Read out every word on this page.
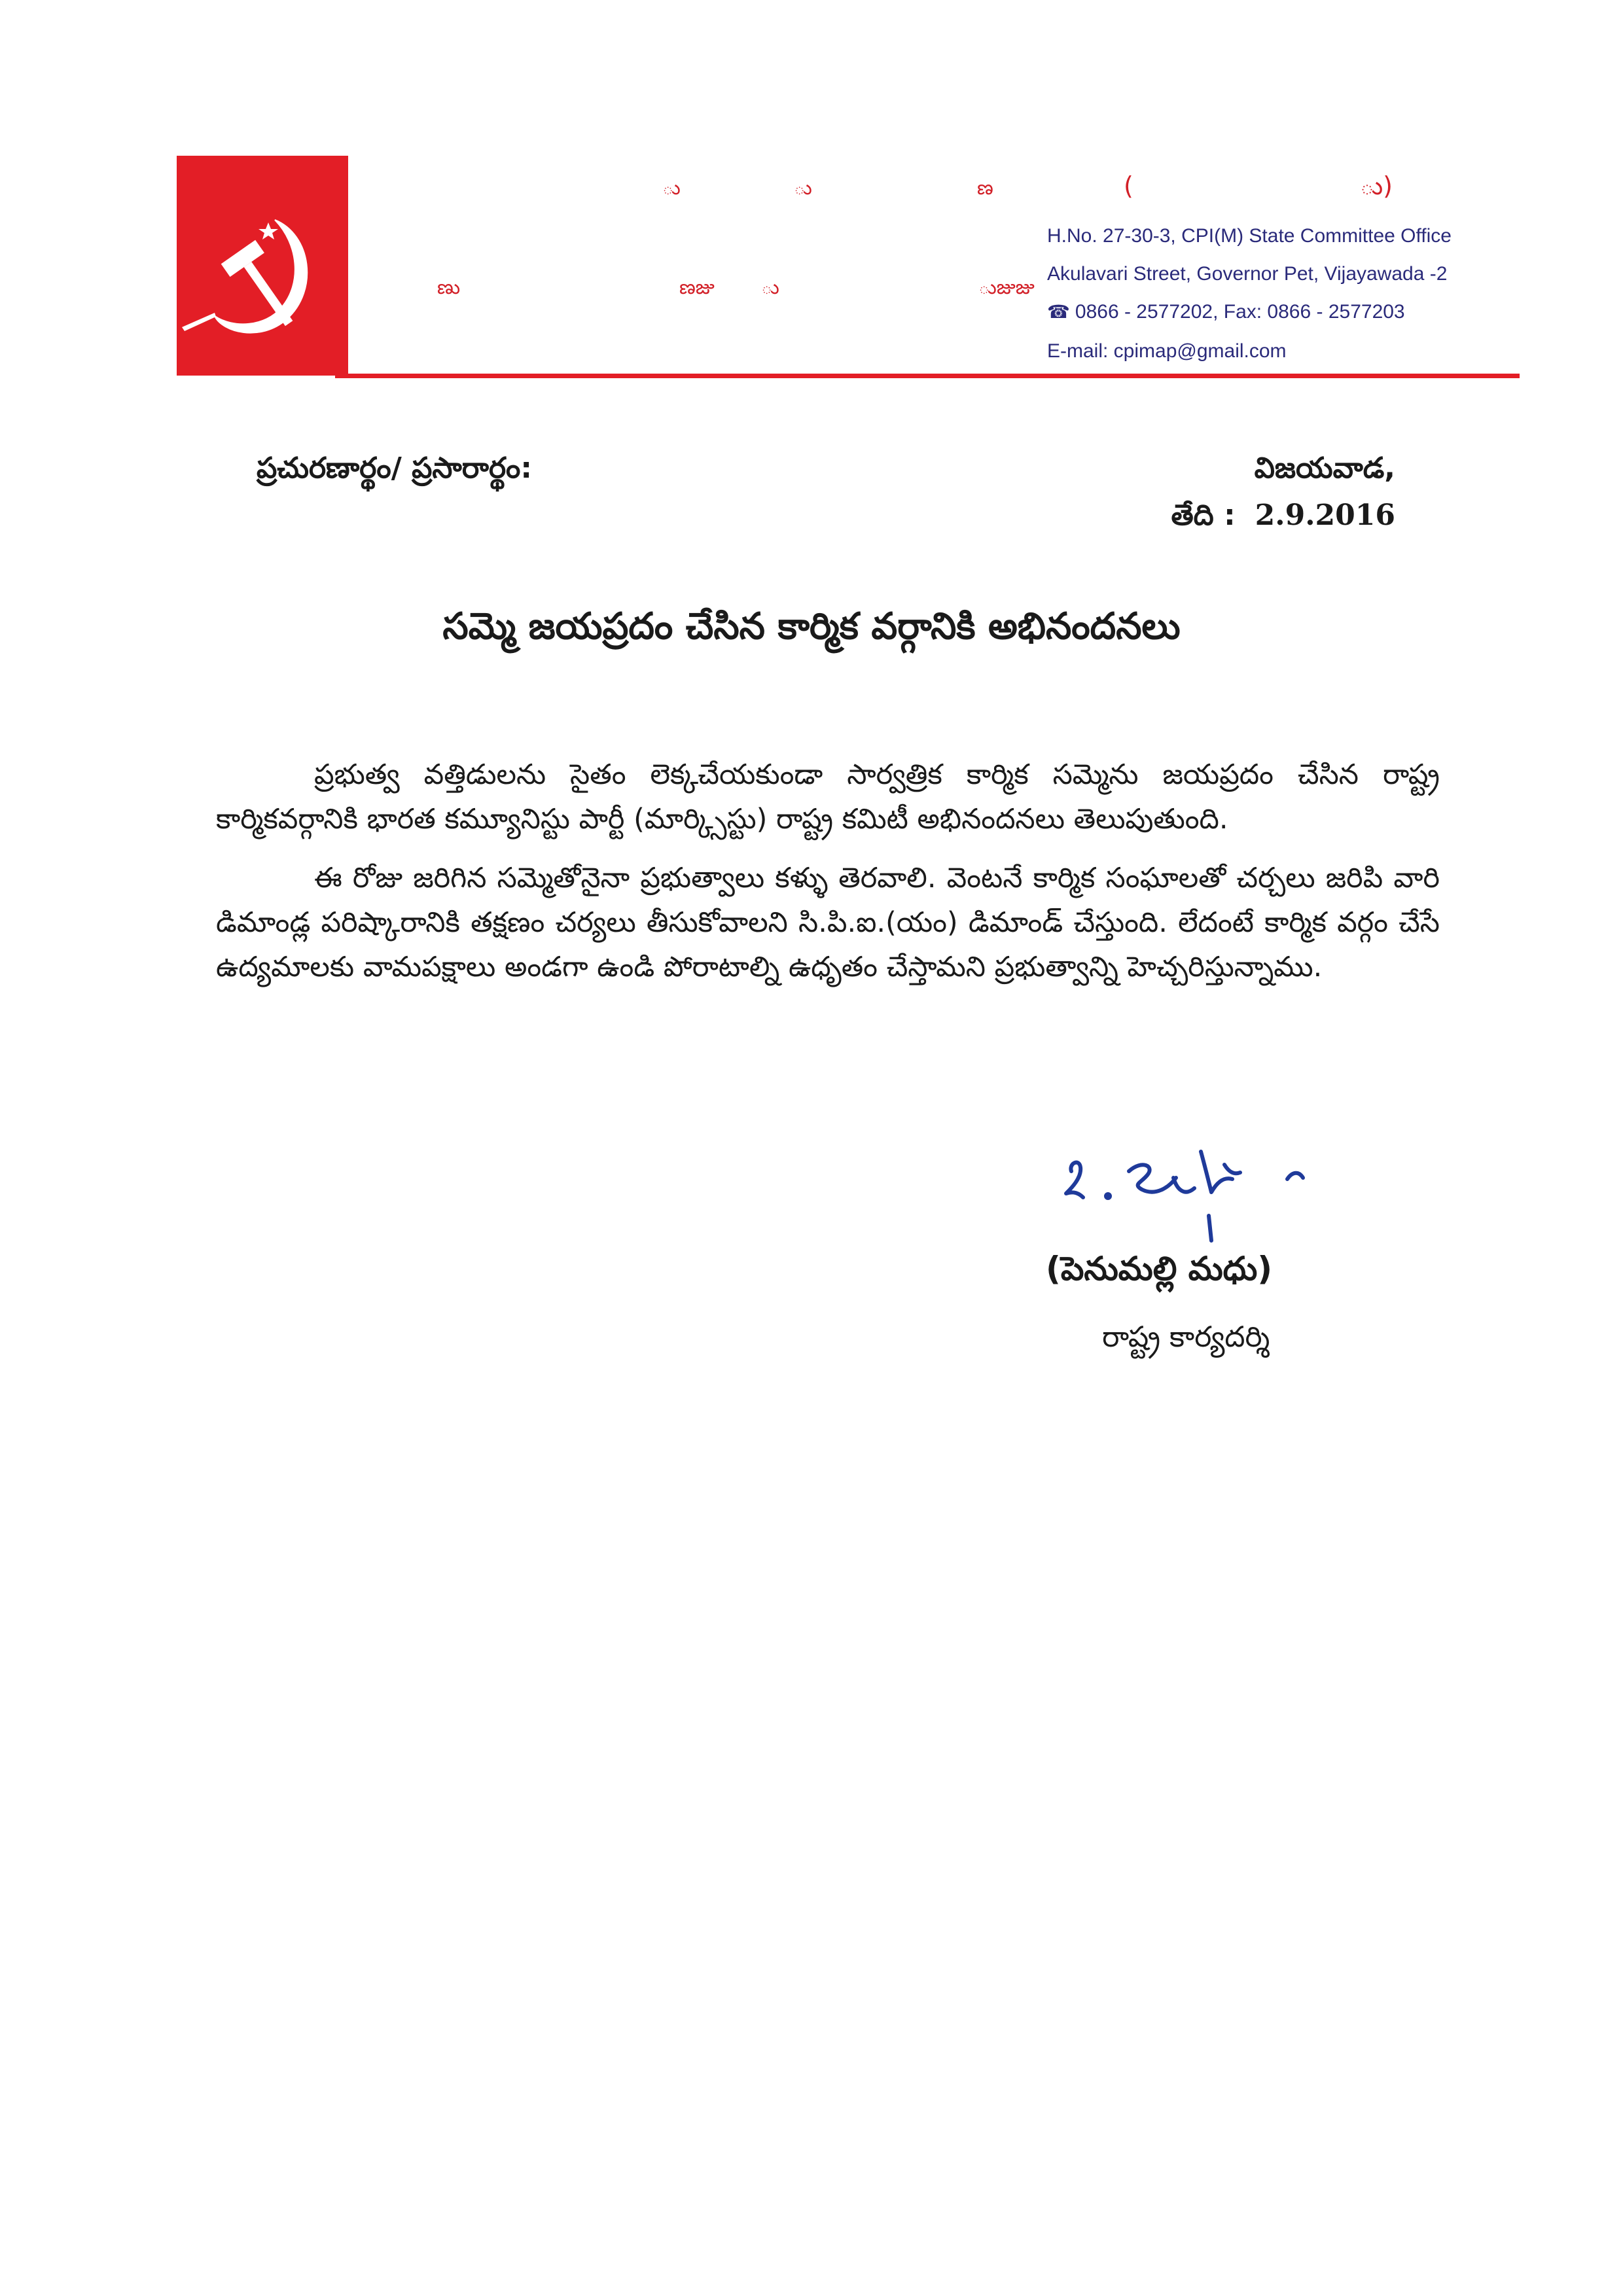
ు	ు	ణ	(	ు)
ణు	ణజు ు	ుజుజు
H.No. 27-30-3, CPI(M) State Committee Office
Akulavari Street, Governor Pet, Vijayawada -2
☎ 0866 - 2577202, Fax: 0866 - 2577203
E-mail: cpimap@gmail.com
ప్రచురణార్థం/ ప్రసారార్థం:	విజయవాడ,
తేది : 2.9.2016
సమ్మె జయప్రదం చేసిన కార్మిక వర్గానికి అభినందనలు

ప్రభుత్వ వత్తిడులను సైతం లెక్కచేయకుండా సార్వత్రిక కార్మిక సమ్మెను జయప్రదం చేసిన రాష్ట్ర కార్మికవర్గానికి భారత కమ్యూనిస్టు పార్టీ (మార్క్సిస్టు) రాష్ట్ర కమిటీ అభినందనలు తెలుపుతుంది.

ఈ రోజు జరిగిన సమ్మెతోనైనా ప్రభుత్వాలు కళ్ళు తెరవాలి. వెంటనే కార్మిక సంఘాలతో చర్చలు జరిపి వారి డిమాండ్ల పరిష్కారానికి తక్షణం చర్యలు తీసుకోవాలని సి.పి.ఐ.(యం) డిమాండ్ చేస్తుంది. లేదంటే కార్మిక వర్గం చేసే ఉద్యమాలకు వామపక్షాలు అండగా ఉండి పోరాటాల్ని ఉధృతం చేస్తామని ప్రభుత్వాన్ని హెచ్చరిస్తున్నాము.

(పెనుమల్లి మధు)
రాష్ట్ర కార్యదర్శి
